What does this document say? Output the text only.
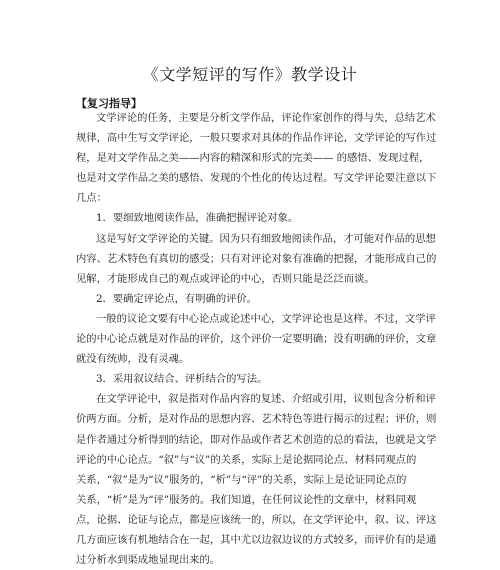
《文学短评的写作》教学设计
【复习指导】
文学评论的任务，主要是分析文学作品，评论作家创作的得与失，总结艺术
规律，高中生写文学评论，一般只要求对具体的作品作评论，文学评论的写作过
程，是对文学作品之美——内容的精深和形式的完美—— 的感悟、发现过程，
也是对文学作品之美的感悟、发现的个性化的传达过程。写文学评论要注意以下
几点：
1．要细致地阅读作品，准确把握评论对象。
这是写好文学评论的关键。因为只有细致地阅读作品，才可能对作品的思想
内容、艺术特色有真切的感受；只有对评论对象有准确的把握，才能形成自己的
见解，才能形成自己的观点或评论的中心，否则只能是泛泛而谈。
2．要确定评论点，有明确的评价。
一般的议论文要有中心论点或论述中心，文学评论也是这样。不过，文学评
论的中心论点就是对作品的评价，这个评价一定要明确；没有明确的评价，文章
就没有统帅，没有灵魂。
3．采用叙议结合、评析结合的写法。
在文学评论中，叙是指对作品内容的复述、介绍或引用，议则包含分析和评
价两方面。分析，是对作品的思想内容、艺术特色等进行揭示的过程；评价，则
是作者通过分析得到的结论，即对作品或作者艺术创造的总的看法，也就是文学
评论的中心论点。“叙”与“议”的关系，实际上是论据同论点、材料同观点的
关系，“叙”是为“议”服务的，“析”与“评”的关系，实际上是论证同论点的
关系，“析”是为“评”服务的。我们知道，在任何议论性的文章中，材料同观
点，论据、论证与论点，都是应该统一的，所以，在文学评论中，叙、议、评这
几方面应该有机地结合在一起，其中尤以边叙边议的方式较多，而评价有的是通
过分析水到渠成地显现出来的。
